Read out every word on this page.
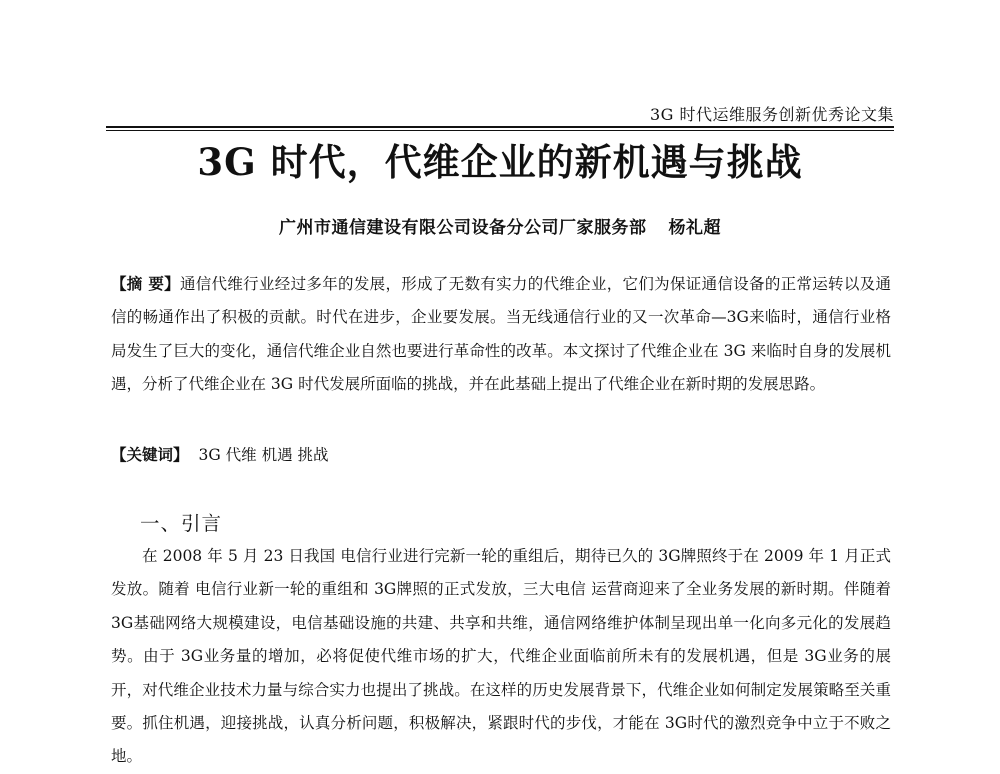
3G 时代运维服务创新优秀论文集
3G 时代，代维企业的新机遇与挑战
广州市通信建设有限公司设备分公司厂家服务部 杨礼超
【摘 要】通信代维行业经过多年的发展，形成了无数有实力的代维企业，它们为保证通信设备的正常运转以及通信的畅通作出了积极的贡献。时代在进步，企业要发展。当无线通信行业的又一次革命—3G来临时，通信行业格局发生了巨大的变化，通信代维企业自然也要进行革命性的改革。本文探讨了代维企业在 3G 来临时自身的发展机遇，分析了代维企业在 3G 时代发展所面临的挑战，并在此基础上提出了代维企业在新时期的发展思路。
【关键词】 3G 代维 机遇 挑战
一、引言
在 2008 年 5 月 23 日我国 电信行业进行完新一轮的重组后，期待已久的 3G牌照终于在 2009 年 1 月正式发放。随着 电信行业新一轮的重组和 3G牌照的正式发放，三大电信 运营商迎来了全业务发展的新时期。伴随着 3G基础网络大规模建设，电信基础设施的共建、共享和共维，通信网络维护体制呈现出单一化向多元化的发展趋势。由于 3G业务量的增加，必将促使代维市场的扩大，代维企业面临前所未有的发展机遇，但是 3G业务的展开，对代维企业技术力量与综合实力也提出了挑战。在这样的历史发展背景下，代维企业如何制定发展策略至关重要。抓住机遇，迎接挑战，认真分析问题，积极解决，紧跟时代的步伐，才能在 3G时代的激烈竞争中立于不败之地。
